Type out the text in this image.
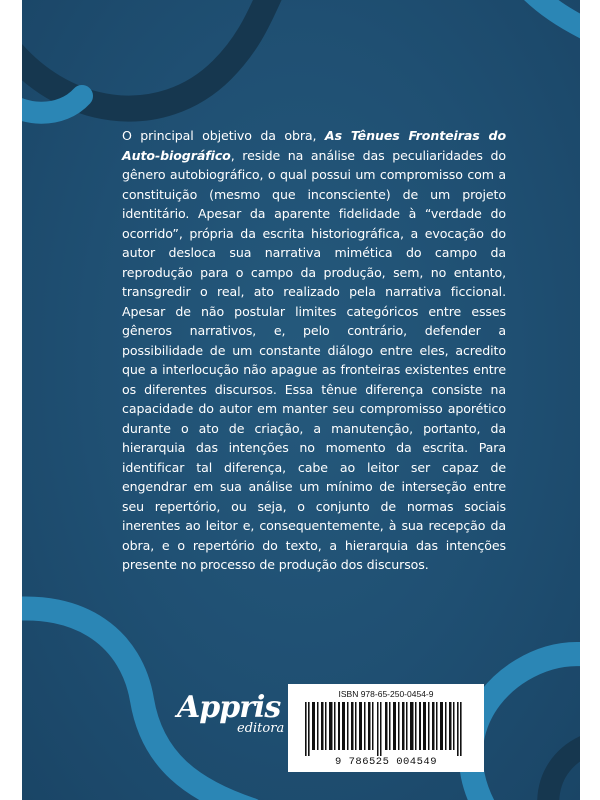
O principal objetivo da obra, As Tênues Fronteiras do Auto-biográfico, reside na análise das peculiaridades do gênero autobiográfico, o qual possui um compromisso com a constituição (mesmo que inconsciente) de um projeto identitário. Apesar da aparente fidelidade à “verdade do ocorrido”, própria da escrita historiográfica, a evocação do autor desloca sua narrativa mimética do campo da reprodução para o campo da produção, sem, no entanto, transgredir o real, ato realizado pela narrativa ficcional. Apesar de não postular limites categóricos entre esses gêneros narrativos, e, pelo contrário, defender a possibilidade de um constante diálogo entre eles, acredito que a interlocução não apague as fronteiras existentes entre os diferentes discursos. Essa tênue diferença consiste na capacidade do autor em manter seu compromisso aporético durante o ato de criação, a manutenção, portanto, da hierarquia das intenções no momento da escrita. Para identificar tal diferença, cabe ao leitor ser capaz de engendrar em sua análise um mínimo de interseção entre seu repertório, ou seja, o conjunto de normas sociais inerentes ao leitor e, consequentemente, à sua recepção da obra, e o repertório do texto, a hierarquia das intenções presente no processo de produção dos discursos.
Appris
editora
ISBN 978-65-250-0454-9
9 786525 004549
